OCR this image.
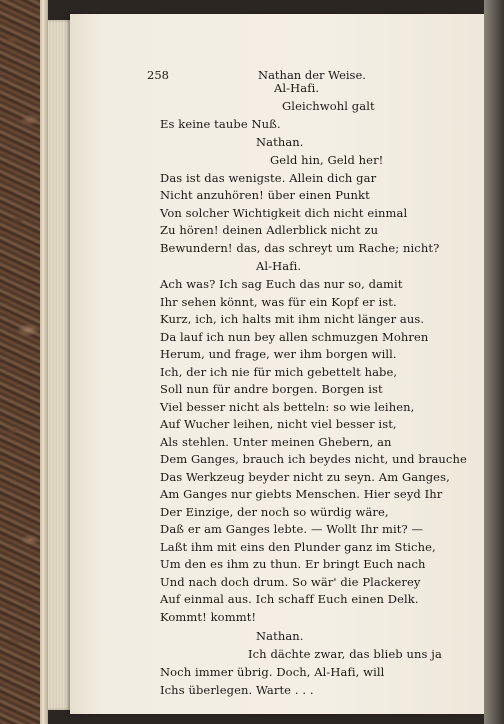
258	Nathan der Weise.
Al-Hafi.
Gleichwohl galt
Es keine taube Nuß.
Nathan.
Geld hin, Geld her!
Das ist das wenigste. Allein dich gar
Nicht anzuhören! über einen Punkt
Von solcher Wichtigkeit dich nicht einmal
Zu hören! deinen Adlerblick nicht zu
Bewundern! das, das schreyt um Rache; nicht?
Al-Hafi.
Ach was? Ich sag Euch das nur so, damit
Ihr sehen könnt, was für ein Kopf er ist.
Kurz, ich, ich halts mit ihm nicht länger aus.
Da lauf ich nun bey allen schmuzgen Mohren
Herum, und frage, wer ihm borgen will.
Ich, der ich nie für mich gebettelt habe,
Soll nun für andre borgen. Borgen ist
Viel besser nicht als betteln: so wie leihen,
Auf Wucher leihen, nicht viel besser ist,
Als stehlen. Unter meinen Ghebern, an
Dem Ganges, brauch ich beydes nicht, und brauche
Das Werkzeug beyder nicht zu seyn. Am Ganges,
Am Ganges nur giebts Menschen. Hier seyd Ihr
Der Einzige, der noch so würdig wäre,
Daß er am Ganges lebte. — Wollt Ihr mit? —
Laßt ihm mit eins den Plunder ganz im Stiche,
Um den es ihm zu thun. Er bringt Euch nach
Und nach doch drum. So wär' die Plackerey
Auf einmal aus. Ich schaff Euch einen Delk.
Kommt! kommt!
Nathan.
Ich dächte zwar, das blieb uns ja
Noch immer übrig. Doch, Al-Hafi, will
Ichs überlegen. Warte . . .
